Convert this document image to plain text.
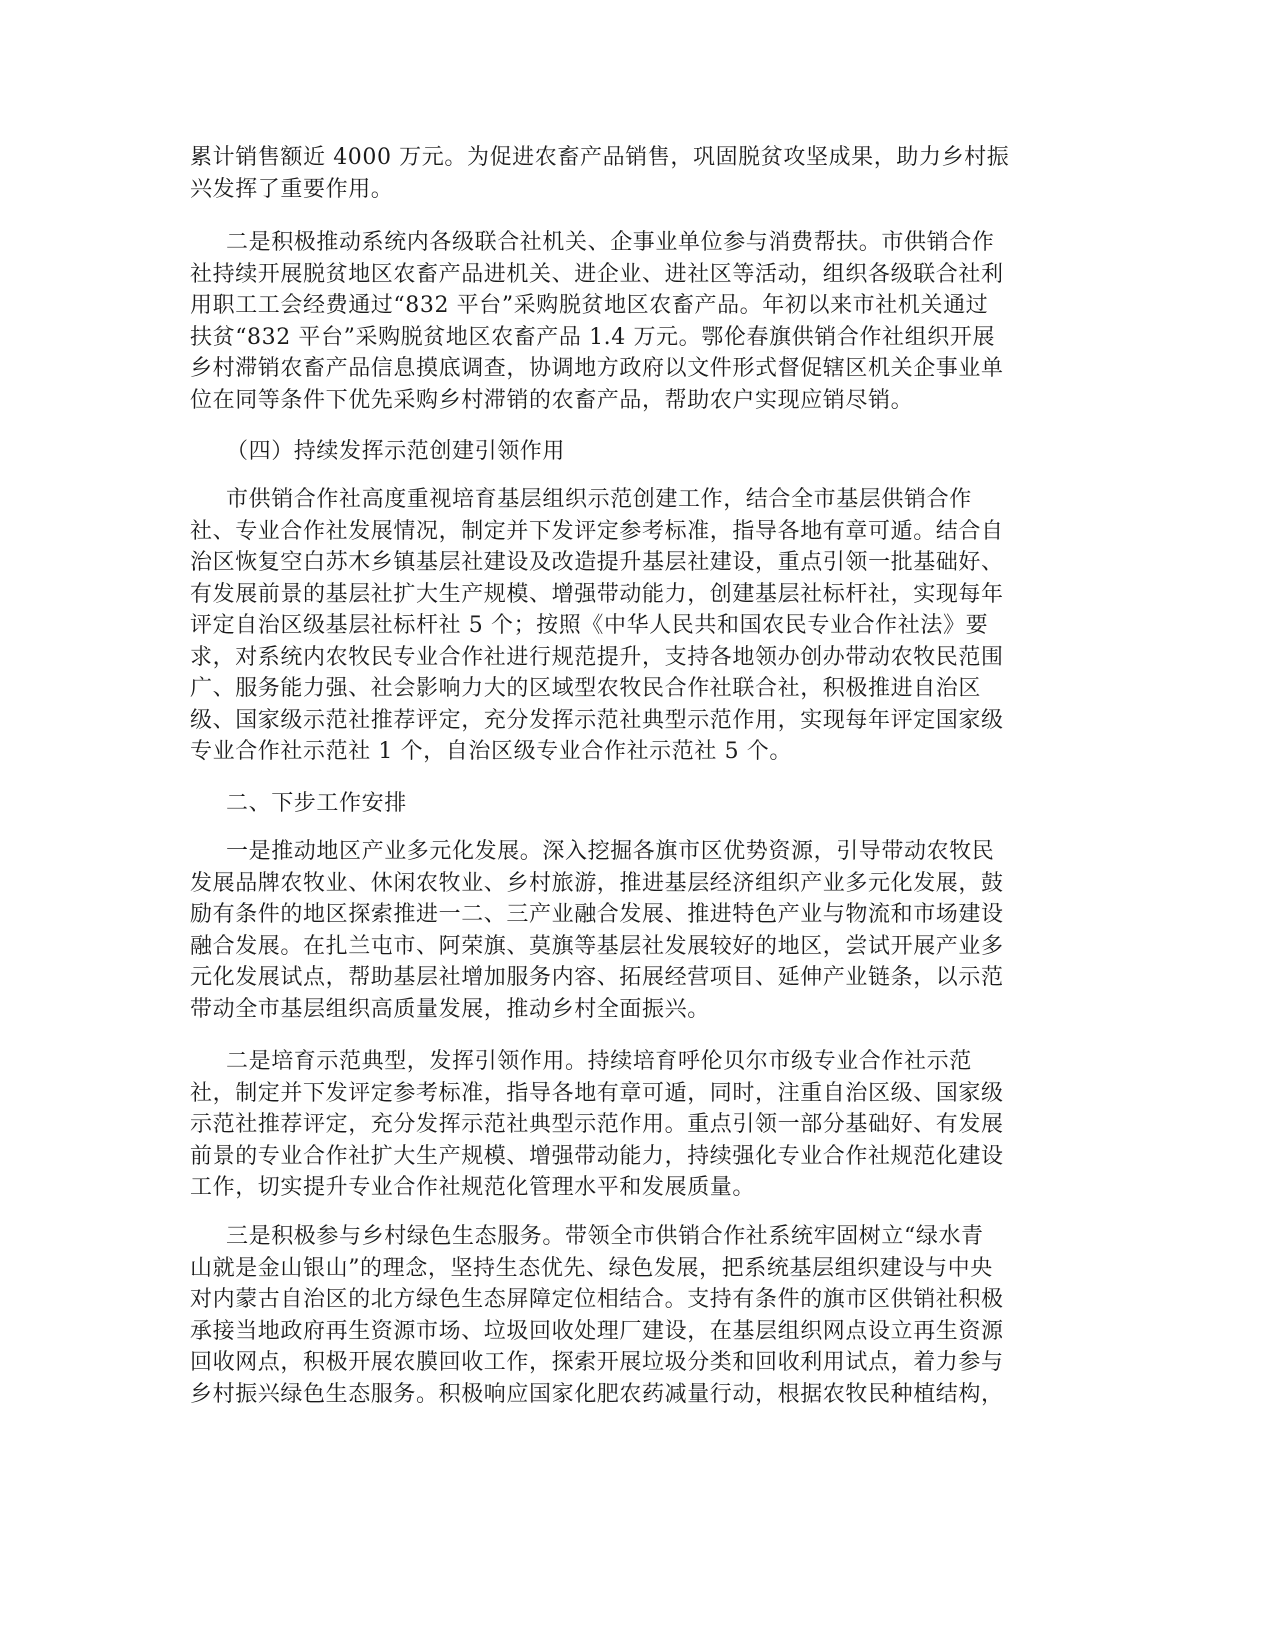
累计销售额近 4000 万元。为促进农畜产品销售，巩固脱贫攻坚成果，助力乡村振
兴发挥了重要作用。
二是积极推动系统内各级联合社机关、企事业单位参与消费帮扶。市供销合作
社持续开展脱贫地区农畜产品进机关、进企业、进社区等活动，组织各级联合社利
用职工工会经费通过“832 平台”采购脱贫地区农畜产品。年初以来市社机关通过
扶贫“832 平台”采购脱贫地区农畜产品 1.4 万元。鄂伦春旗供销合作社组织开展
乡村滞销农畜产品信息摸底调查，协调地方政府以文件形式督促辖区机关企事业单
位在同等条件下优先采购乡村滞销的农畜产品，帮助农户实现应销尽销。
（四）持续发挥示范创建引领作用
市供销合作社高度重视培育基层组织示范创建工作，结合全市基层供销合作
社、专业合作社发展情况，制定并下发评定参考标准，指导各地有章可遁。结合自
治区恢复空白苏木乡镇基层社建设及改造提升基层社建设，重点引领一批基础好、
有发展前景的基层社扩大生产规模、增强带动能力，创建基层社标杆社，实现每年
评定自治区级基层社标杆社 5 个；按照《中华人民共和国农民专业合作社法》要
求，对系统内农牧民专业合作社进行规范提升，支持各地领办创办带动农牧民范围
广、服务能力强、社会影响力大的区域型农牧民合作社联合社，积极推进自治区
级、国家级示范社推荐评定，充分发挥示范社典型示范作用，实现每年评定国家级
专业合作社示范社 1 个，自治区级专业合作社示范社 5 个。
二、下步工作安排
一是推动地区产业多元化发展。深入挖掘各旗市区优势资源，引导带动农牧民
发展品牌农牧业、休闲农牧业、乡村旅游，推进基层经济组织产业多元化发展，鼓
励有条件的地区探索推进一二、三产业融合发展、推进特色产业与物流和市场建设
融合发展。在扎兰屯市、阿荣旗、莫旗等基层社发展较好的地区，尝试开展产业多
元化发展试点，帮助基层社增加服务内容、拓展经营项目、延伸产业链条，以示范
带动全市基层组织高质量发展，推动乡村全面振兴。
二是培育示范典型，发挥引领作用。持续培育呼伦贝尔市级专业合作社示范
社，制定并下发评定参考标准，指导各地有章可遁，同时，注重自治区级、国家级
示范社推荐评定，充分发挥示范社典型示范作用。重点引领一部分基础好、有发展
前景的专业合作社扩大生产规模、增强带动能力，持续强化专业合作社规范化建设
工作，切实提升专业合作社规范化管理水平和发展质量。
三是积极参与乡村绿色生态服务。带领全市供销合作社系统牢固树立“绿水青
山就是金山银山”的理念，坚持生态优先、绿色发展，把系统基层组织建设与中央
对内蒙古自治区的北方绿色生态屏障定位相结合。支持有条件的旗市区供销社积极
承接当地政府再生资源市场、垃圾回收处理厂建设，在基层组织网点设立再生资源
回收网点，积极开展农膜回收工作，探索开展垃圾分类和回收利用试点，着力参与
乡村振兴绿色生态服务。积极响应国家化肥农药减量行动，根据农牧民种植结构，
